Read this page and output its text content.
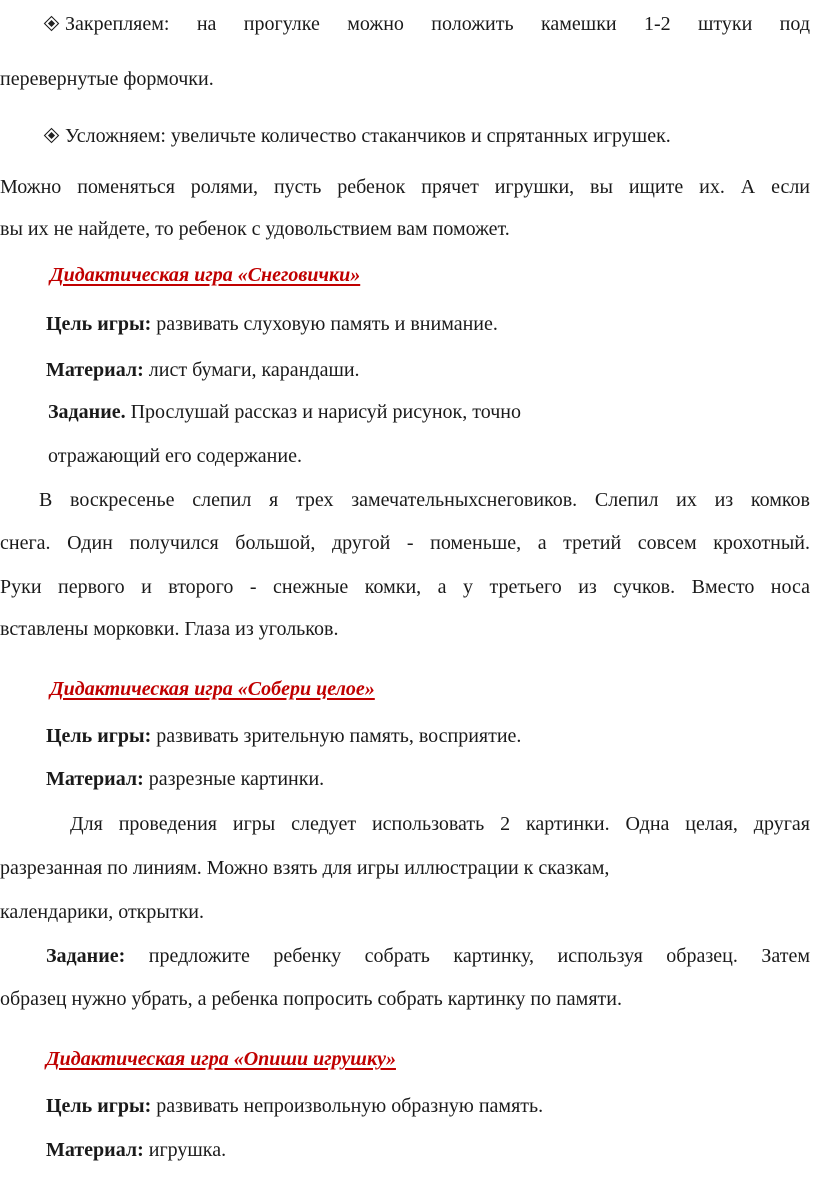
Закрепляем: на прогулке можно положить камешки 1-2 штуки под
перевернутые формочки.
Усложняем: увеличьте количество стаканчиков и спрятанных игрушек.
Можно поменяться ролями, пусть ребенок прячет игрушки, вы ищите их. А если
вы их не найдете, то ребенок с удовольствием вам поможет.
Дидактическая игра «Снеговички»
Цель игры: развивать слуховую память и внимание.
Материал: лист бумаги, карандаши.
Задание. Прослушай рассказ и нарисуй рисунок, точно
отражающий его содержание.
В воскресенье слепил я трех замечательныхснеговиков. Слепил их из комков
снега. Один получился большой, другой - поменьше, а третий совсем крохотный.
Руки первого и второго - снежные комки, а у третьего из сучков. Вместо носа
вставлены морковки. Глаза из угольков.
Дидактическая игра «Собери целое»
Цель игры: развивать зрительную память, восприятие.
Материал: разрезные картинки.
Для проведения игры следует использовать 2 картинки. Одна целая, другая
разрезанная по линиям. Можно взять для игры иллюстрации к сказкам,
календарики, открытки.
Задание: предложите ребенку собрать картинку, используя образец. Затем
образец нужно убрать, а ребенка попросить собрать картинку по памяти.
Дидактическая игра «Опиши игрушку»
Цель игры: развивать непроизвольную образную память.
Материал: игрушка.
